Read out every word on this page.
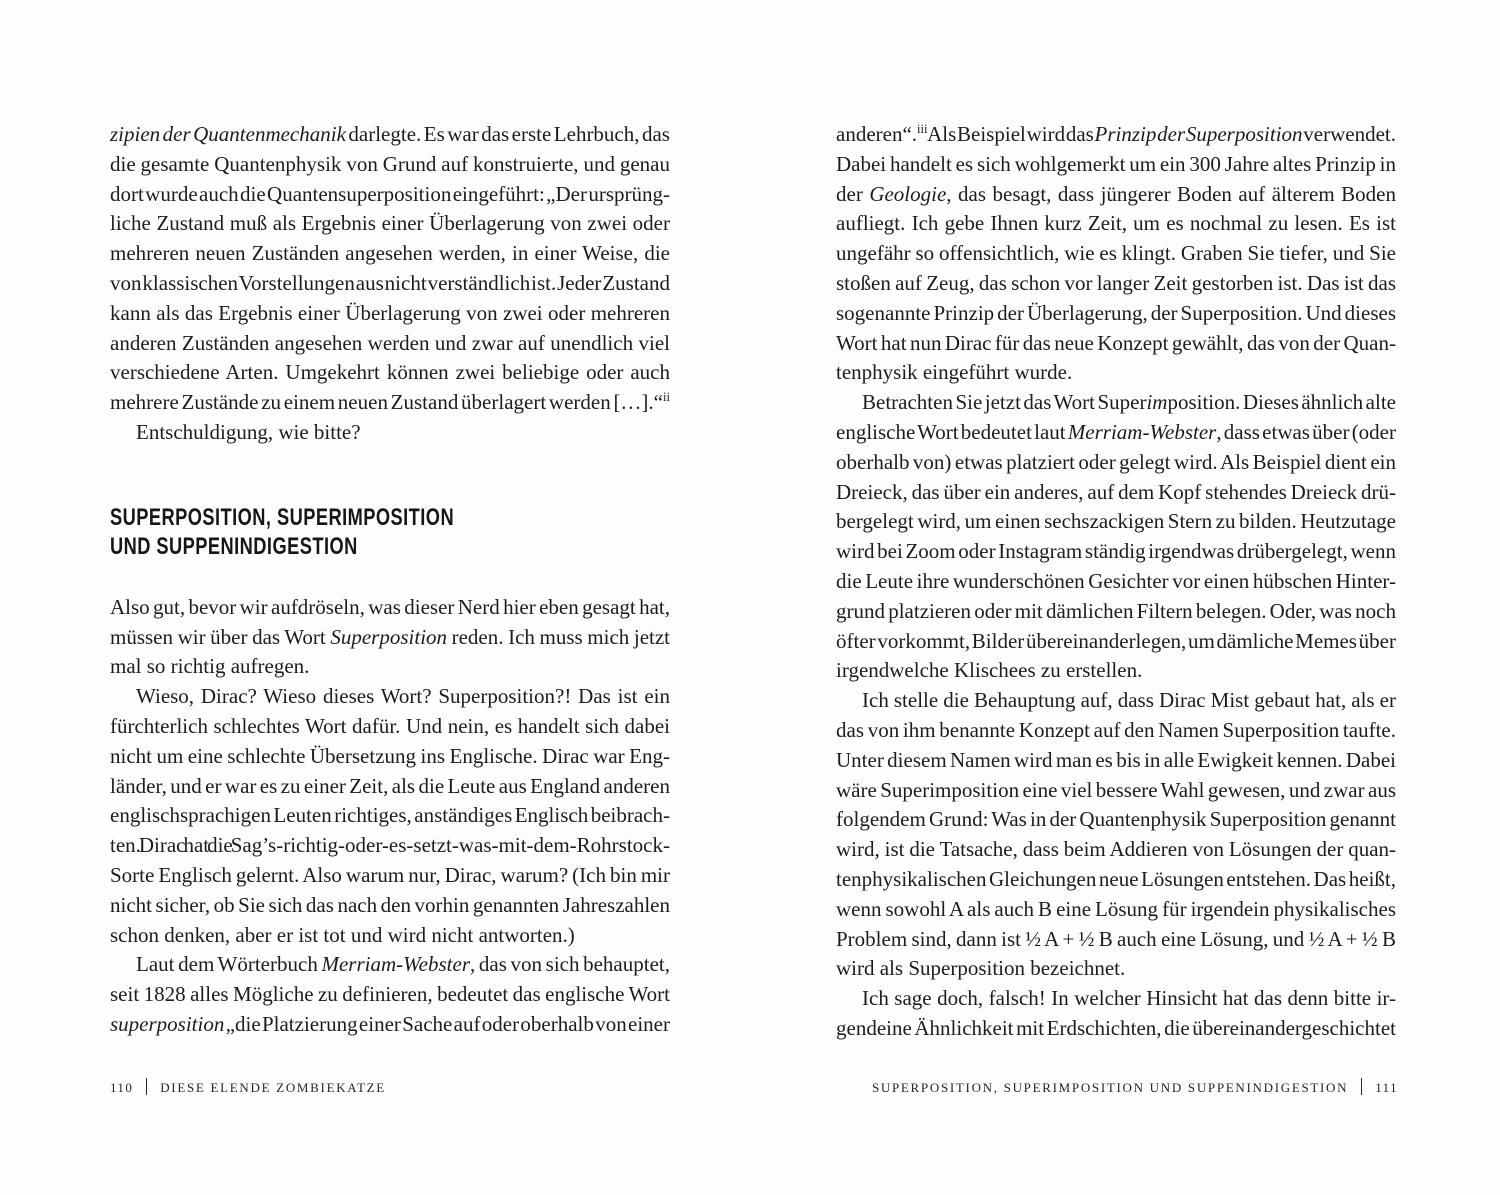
zipien der Quantenmechanik darlegte. Es war das erste Lehrbuch, das
die gesamte Quantenphysik von Grund auf konstruierte, und genau
dort wurde auch die Quantensuperposition eingeführt: „Der ursprüng-
liche Zustand muß als Ergebnis einer Überlagerung von zwei oder
mehreren neuen Zuständen angesehen werden, in einer Weise, die
von klassischen Vorstellungen aus nicht verständlich ist. Jeder Zustand
kann als das Ergebnis einer Überlagerung von zwei oder mehreren
anderen Zuständen angesehen werden und zwar auf unendlich viel
verschiedene Arten. Umgekehrt können zwei beliebige oder auch
mehrere Zustände zu einem neuen Zustand überlagert werden […].“$^{ii}$
Entschuldigung, wie bitte?
SUPERPOSITION, SUPERIMPOSITION
UND SUPPENINDIGESTION
Also gut, bevor wir aufdröseln, was dieser Nerd hier eben gesagt hat,
müssen wir über das Wort Superposition reden. Ich muss mich jetzt
mal so richtig aufregen.
Wieso, Dirac? Wieso dieses Wort? Superposition?! Das ist ein
fürchterlich schlechtes Wort dafür. Und nein, es handelt sich dabei
nicht um eine schlechte Übersetzung ins Englische. Dirac war Eng-
länder, und er war es zu einer Zeit, als die Leute aus England anderen
englischsprachigen Leuten richtiges, anständiges Englisch beibrach-
ten. Dirac hat die Sag’s-richtig-oder-es-setzt-was-mit-dem-Rohrstock-
Sorte Englisch gelernt. Also warum nur, Dirac, warum? (Ich bin mir
nicht sicher, ob Sie sich das nach den vorhin genannten Jahreszahlen
schon denken, aber er ist tot und wird nicht antworten.)
Laut dem Wörterbuch Merriam-Webster, das von sich behauptet,
seit 1828 alles Mögliche zu definieren, bedeutet das englische Wort
superposition „die Platzierung einer Sache auf oder oberhalb von einer
anderen“.$^{iii}$ Als Beispiel wird das Prinzip der Superposition verwendet.
Dabei handelt es sich wohlgemerkt um ein 300 Jahre altes Prinzip in
der Geologie, das besagt, dass jüngerer Boden auf älterem Boden
aufliegt. Ich gebe Ihnen kurz Zeit, um es nochmal zu lesen. Es ist
ungefähr so offensichtlich, wie es klingt. Graben Sie tiefer, und Sie
stoßen auf Zeug, das schon vor langer Zeit gestorben ist. Das ist das
sogenannte Prinzip der Überlagerung, der Superposition. Und dieses
Wort hat nun Dirac für das neue Konzept gewählt, das von der Quan-
tenphysik eingeführt wurde.
Betrachten Sie jetzt das Wort Superimposition. Dieses ähnlich alte
englische Wort bedeutet laut Merriam-Webster, dass etwas über (oder
oberhalb von) etwas platziert oder gelegt wird. Als Beispiel dient ein
Dreieck, das über ein anderes, auf dem Kopf stehendes Dreieck drü-
bergelegt wird, um einen sechszackigen Stern zu bilden. Heutzutage
wird bei Zoom oder Instagram ständig irgendwas drübergelegt, wenn
die Leute ihre wunderschönen Gesichter vor einen hübschen Hinter-
grund platzieren oder mit dämlichen Filtern belegen. Oder, was noch
öfter vorkommt, Bilder übereinanderlegen, um dämliche Memes über
irgendwelche Klischees zu erstellen.
Ich stelle die Behauptung auf, dass Dirac Mist gebaut hat, als er
das von ihm benannte Konzept auf den Namen Superposition taufte.
Unter diesem Namen wird man es bis in alle Ewigkeit kennen. Dabei
wäre Superimposition eine viel bessere Wahl gewesen, und zwar aus
folgendem Grund: Was in der Quantenphysik Superposition genannt
wird, ist die Tatsache, dass beim Addieren von Lösungen der quan-
tenphysikalischen Gleichungen neue Lösungen entstehen. Das heißt,
wenn sowohl A als auch B eine Lösung für irgendein physikalisches
Problem sind, dann ist ½ A + ½ B auch eine Lösung, und ½ A + ½ B
wird als Superposition bezeichnet.
Ich sage doch, falsch! In welcher Hinsicht hat das denn bitte ir-
gendeine Ähnlichkeit mit Erdschichten, die übereinandergeschichtet
110 DIESE ELENDE ZOMBIEKATZE	SUPERPOSITION, SUPERIMPOSITION UND SUPPENINDIGESTION 111
